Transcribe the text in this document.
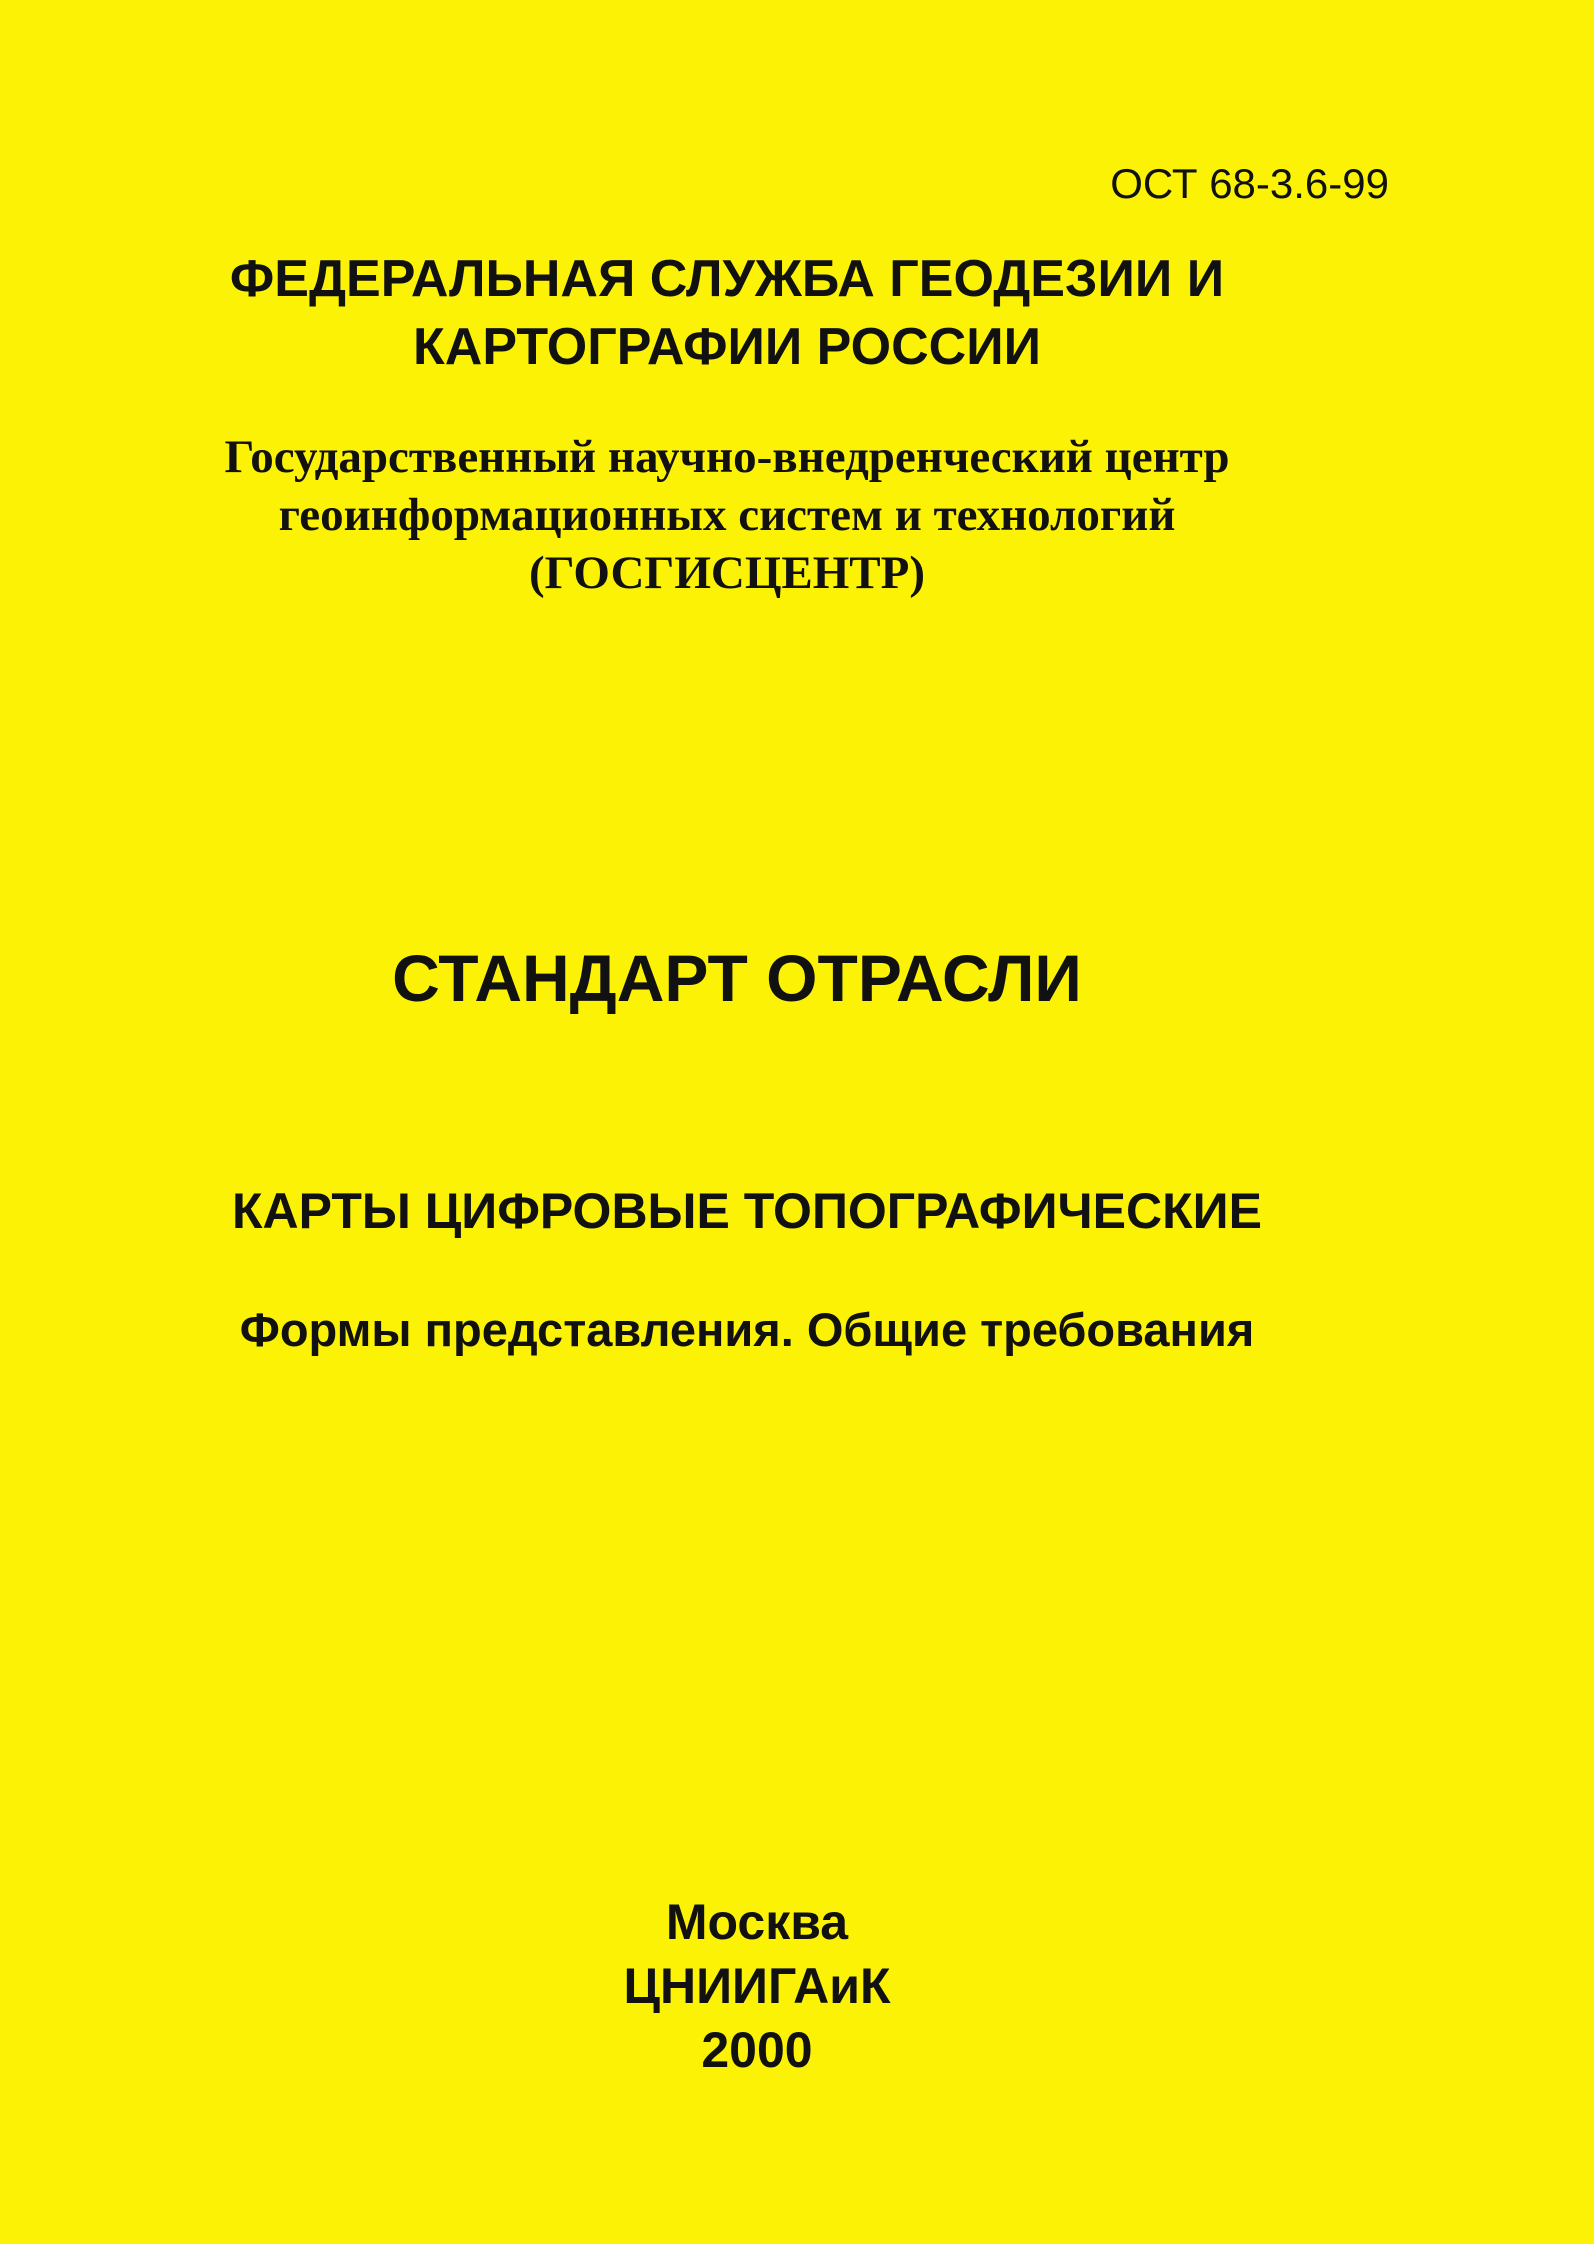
ОСТ 68-3.6-99
ФЕДЕРАЛЬНАЯ СЛУЖБА ГЕОДЕЗИИ И
КАРТОГРАФИИ РОССИИ
Государственный научно-внедренческий центр
геоинформационных систем и технологий
(ГОСГИСЦЕНТР)
СТАНДАРТ ОТРАСЛИ
КАРТЫ ЦИФРОВЫЕ ТОПОГРАФИЧЕСКИЕ
Формы представления. Общие требования
Москва
ЦНИИГАиК
2000
